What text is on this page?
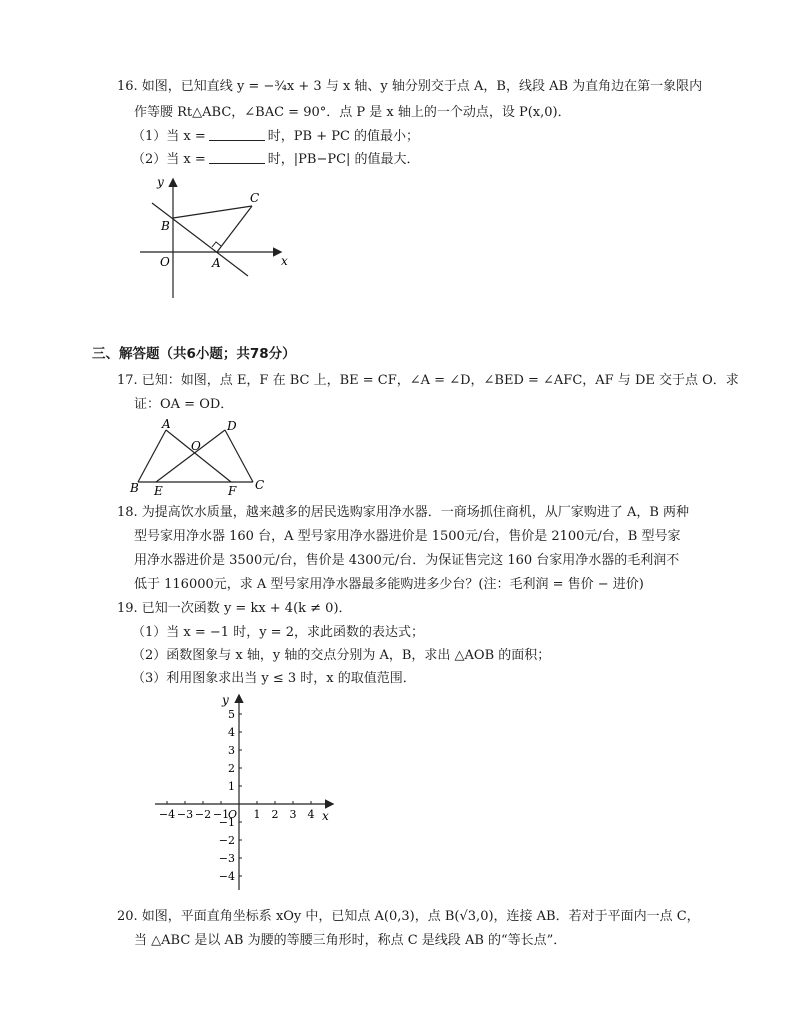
16. 如图，已知直线 y = −¾x + 3 与 x 轴、y 轴分别交于点 A，B，线段 AB 为直角边在第一象限内
作等腰 Rt△ABC，∠BAC = 90°．点 P 是 x 轴上的一个动点，设 P(x,0)．
（1）当 x =	时，PB + PC 的值最小；
（2）当 x =	时，|PB−PC| 的值最大．
y
x
O	A
B
C
三、解答题（共6小题；共78分）
17. 已知：如图，点 E，F 在 BC 上，BE = CF，∠A = ∠D，∠BED = ∠AFC，AF 与 DE 交于点 O．求
证：OA = OD．
A	D
O
B E	F C
18. 为提高饮水质量，越来越多的居民选购家用净水器．一商场抓住商机，从厂家购进了 A，B 两种
型号家用净水器 160 台，A 型号家用净水器进价是 1500元/台，售价是 2100元/台，B 型号家
用净水器进价是 3500元/台，售价是 4300元/台．为保证售完这 160 台家用净水器的毛利润不
低于 116000元，求 A 型号家用净水器最多能购进多少台？(注：毛利润 = 售价 − 进价)
19. 已知一次函数 y = kx + 4(k ≠ 0)．
（1）当 x = −1 时，y = 2，求此函数的表达式；
（2）函数图象与 x 轴，y 轴的交点分别为 A，B，求出 △AOB 的面积；
（3）利用图象求出当 y ≤ 3 时，x 的取值范围．
y
x
O
−4 −3 −2 −1 1 2 3 4
5
4
3
2
1
−1
−2
−3
−4
20. 如图，平面直角坐标系 xOy 中，已知点 A(0,3)，点 B(√3,0)，连接 AB．若对于平面内一点 C，
当 △ABC 是以 AB 为腰的等腰三角形时，称点 C 是线段 AB 的“等长点”．
